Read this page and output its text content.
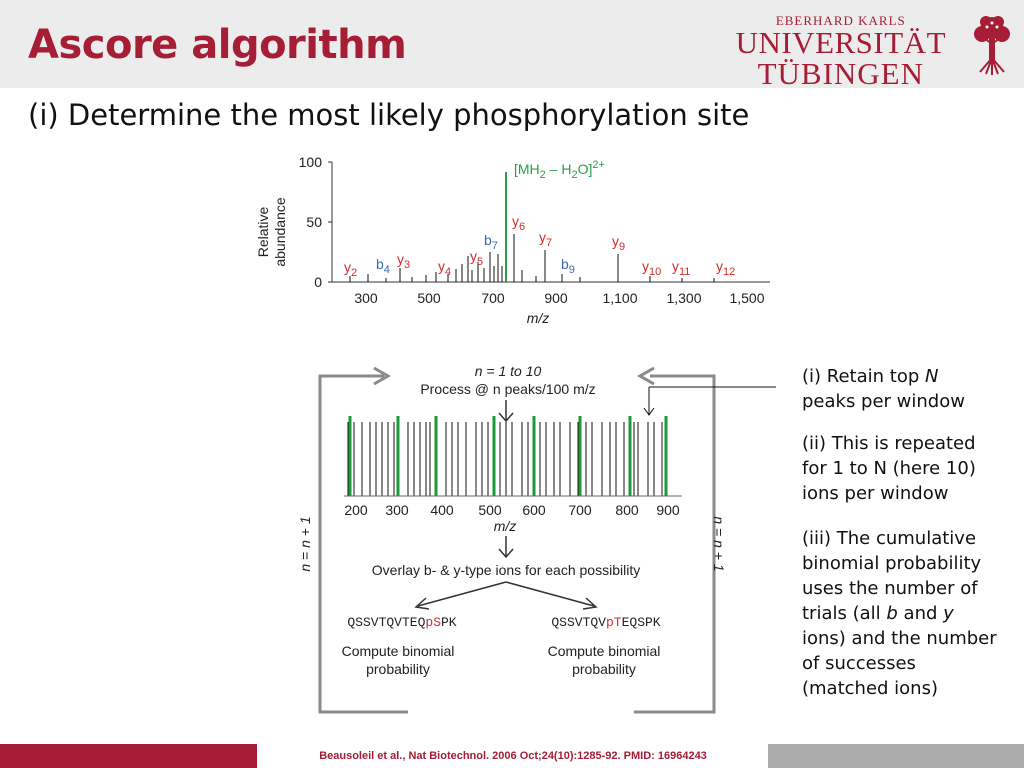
Ascore algorithm
EBERHARD KARLS
UNIVERSITÄT
TÜBINGEN
(i) Determine the most likely phosphorylation site
Relative abundance
100
50
0
300	500	700	900 1,100 1,300 1,500
m/z
$[MH_2 - H_2O]^{2+}$
$y_2$
$b_4$
$y_3$ $y_4$
$y_5$
$b_7$
$y_6$
$y_7$
$b_9$
$y_9$
$y_{10}$ $y_{11}$ $y_{12}$
n = 1 to 10
Process @ n peaks/100 m/z
200 300 400 500 600 700 800 900
m/z
n = n + 1	n = n + 1
Overlay b- & y-type ions for each possibility
QSSVTQVTEQpSPK	QSSVTQVpTEQSPK
Compute binomial
probability
Compute binomial
probability
(i) Retain top N
peaks per window
(ii) This is repeated
for 1 to N (here 10)
ions per window
(iii) The cumulative
binomial probability
uses the number of
trials (all b and y
ions) and the number
of successes
(matched ions)
Beausoleil et al., Nat Biotechnol. 2006 Oct;24(10):1285-92. PMID: 16964243
